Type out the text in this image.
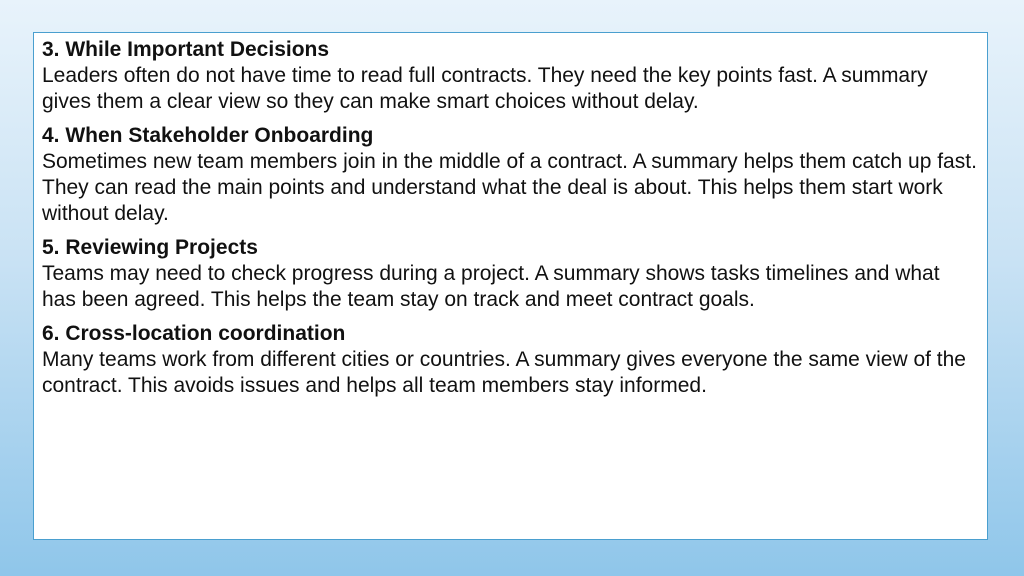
3. While Important Decisions
Leaders often do not have time to read full contracts. They need the key points fast. A summary gives them a clear view so they can make smart choices without delay.
4. When Stakeholder Onboarding
Sometimes new team members join in the middle of a contract. A summary helps them catch up fast. They can read the main points and understand what the deal is about. This helps them start work without delay.
5. Reviewing Projects
Teams may need to check progress during a project. A summary shows tasks timelines and what has been agreed. This helps the team stay on track and meet contract goals.
6. Cross-location coordination
Many teams work from different cities or countries. A summary gives everyone the same view of the contract. This avoids issues and helps all team members stay informed.
